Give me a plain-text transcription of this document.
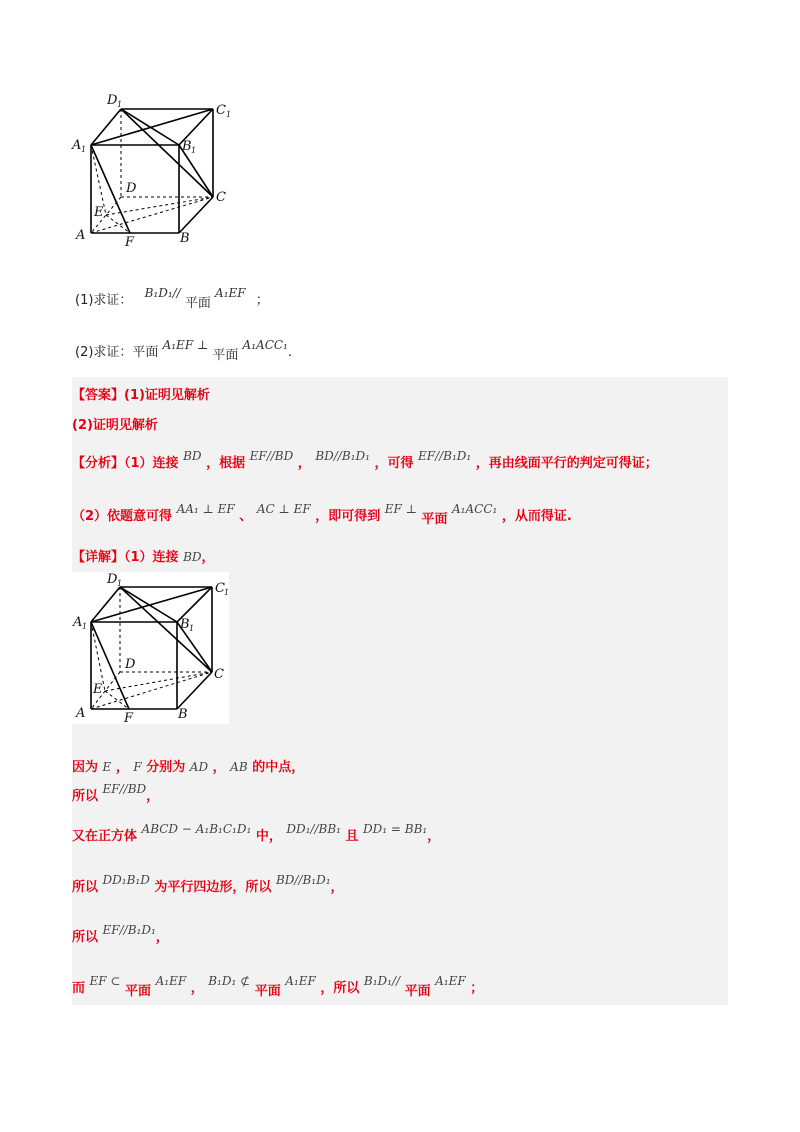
D 1	C 1
A 1	B 1
D
C
E
A	F	B
(1)求证： B₁D₁// 平面 A₁EF ；
(2)求证：平面 A₁EF ⊥ 平面 A₁ACC₁.
【答案】(1)证明见解析
(2)证明见解析
【分析】（1）连接 BD ，根据 EF//BD ， BD//B₁D₁ ，可得 EF//B₁D₁ ，再由线面平行的判定可得证；
（2）依题意可得 AA₁ ⊥ EF 、 AC ⊥ EF ，即可得到 EF ⊥ 平面 A₁ACC₁ ，从而得证.
【详解】（1）连接 BD，
D 1	C 1
A 1	B 1
D
C
E
A	F	B
因为 E ， F 分别为 AD ， AB 的中点，
所以 EF//BD，
又在正方体 ABCD − A₁B₁C₁D₁ 中， DD₁//BB₁ 且 DD₁ = BB₁，
所以 DD₁B₁D 为平行四边形，所以 BD//B₁D₁，
所以 EF//B₁D₁，
而 EF ⊂ 平面 A₁EF ， B₁D₁ ⊄ 平面 A₁EF ，所以 B₁D₁// 平面 A₁EF ；
